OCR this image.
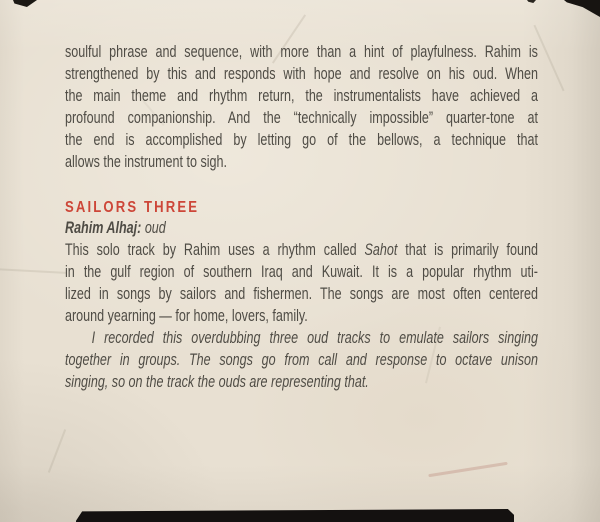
soulful phrase and sequence, with more than a hint of playfulness. Rahim is
strengthened by this and responds with hope and resolve on his oud. When
the main theme and rhythm return, the instrumentalists have achieved a
profound companionship. And the “technically impossible” quarter-tone at
the end is accomplished by letting go of the bellows, a technique that
allows the instrument to sigh.
SAILORS THREE
Rahim Alhaj: oud
This solo track by Rahim uses a rhythm called Sahot that is primarily found
in the gulf region of southern Iraq and Kuwait. It is a popular rhythm uti-
lized in songs by sailors and fishermen. The songs are most often centered
around yearning — for home, lovers, family.
I recorded this overdubbing three oud tracks to emulate sailors singing
together in groups. The songs go from call and response to octave unison
singing, so on the track the ouds are representing that.
